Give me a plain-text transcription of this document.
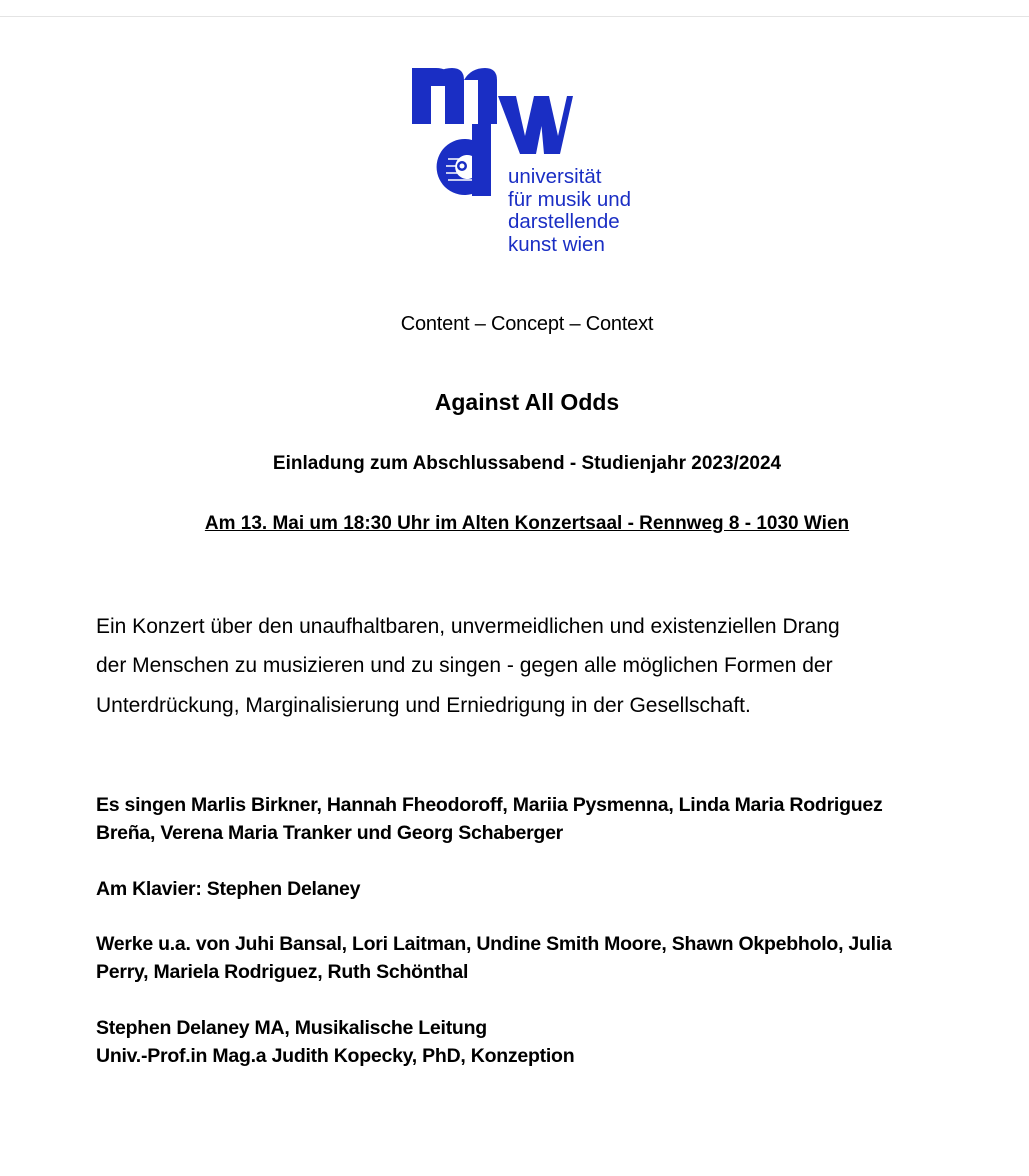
universität
für musik und
darstellende
kunst wien
Content – Concept – Context
Against All Odds
Einladung zum Abschlussabend - Studienjahr 2023/2024
Am 13. Mai um 18:30 Uhr im Alten Konzertsaal - Rennweg 8 - 1030 Wien
Ein Konzert über den unaufhaltbaren, unvermeidlichen und existenziellen Drang
der Menschen zu musizieren und zu singen - gegen alle möglichen Formen der
Unterdrückung, Marginalisierung und Erniedrigung in der Gesellschaft.
Es singen Marlis Birkner, Hannah Fheodoroff, Mariia Pysmenna, Linda Maria Rodriguez
Breña, Verena Maria Tranker und Georg Schaberger
Am Klavier: Stephen Delaney
Werke u.a. von Juhi Bansal, Lori Laitman, Undine Smith Moore, Shawn Okpebholo, Julia
Perry, Mariela Rodriguez, Ruth Schönthal
Stephen Delaney MA, Musikalische Leitung
Univ.-Prof.in Mag.a Judith Kopecky, PhD, Konzeption
